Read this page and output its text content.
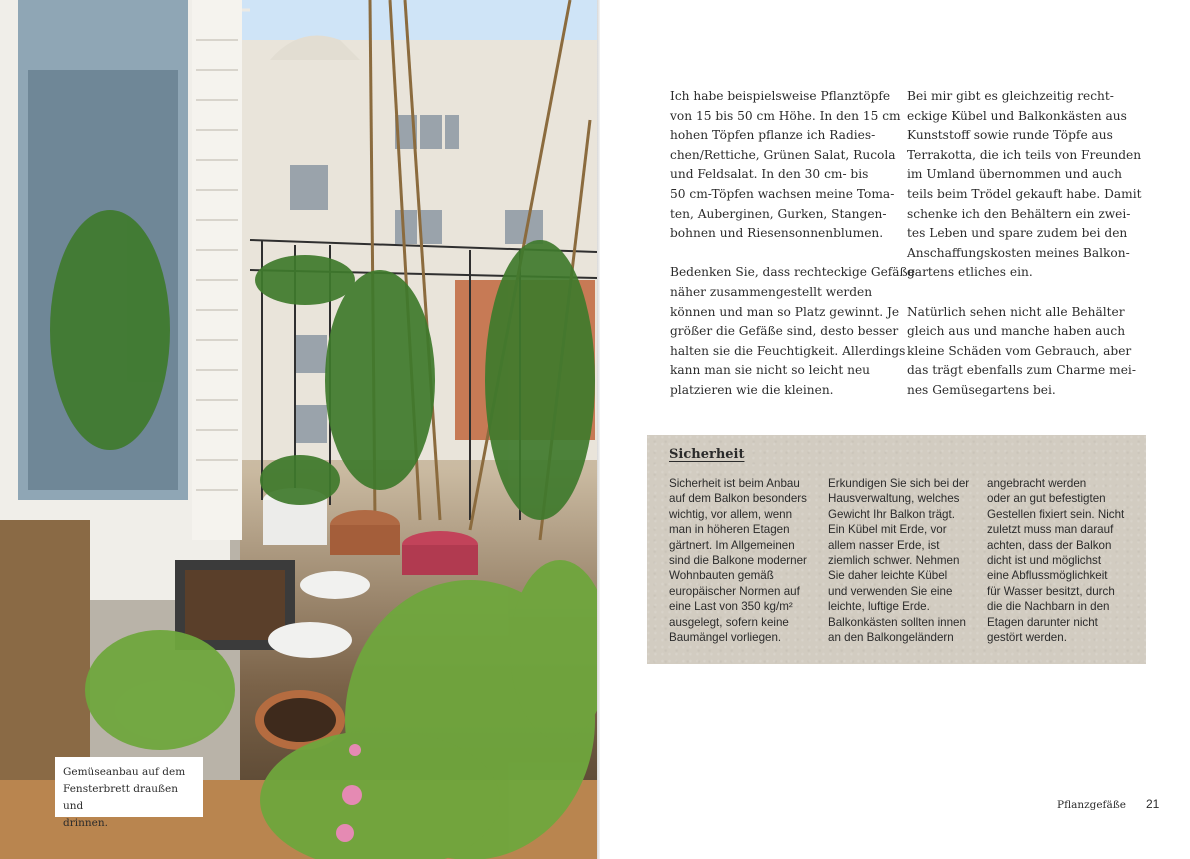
Gemüseanbau auf dem
Fensterbrett draußen und
drinnen.

Ich habe beispielsweise Pflanztöpfe
von 15 bis 50 cm Höhe. In den 15 cm
hohen Töpfen pflanze ich Radies-
chen/Rettiche, Grünen Salat, Rucola
und Feldsalat. In den 30 cm- bis
50 cm-Töpfen wachsen meine Toma-
ten, Auberginen, Gurken, Stangen-
bohnen und Riesensonnenblumen.

Bedenken Sie, dass rechteckige Gefäße
näher zusammengestellt werden
können und man so Platz gewinnt. Je
größer die Gefäße sind, desto besser
halten sie die Feuchtigkeit. Allerdings
kann man sie nicht so leicht neu
platzieren wie die kleinen.

Bei mir gibt es gleichzeitig recht-
eckige Kübel und Balkonkästen aus
Kunststoff sowie runde Töpfe aus
Terrakotta, die ich teils von Freunden
im Umland übernommen und auch
teils beim Trödel gekauft habe. Damit
schenke ich den Behältern ein zwei-
tes Leben und spare zudem bei den
Anschaffungskosten meines Balkon-
gartens etliches ein.

Natürlich sehen nicht alle Behälter
gleich aus und manche haben auch
kleine Schäden vom Gebrauch, aber
das trägt ebenfalls zum Charme mei-
nes Gemüsegartens bei.

Sicherheit
Sicherheit ist beim Anbau
auf dem Balkon besonders
wichtig, vor allem, wenn
man in höheren Etagen
gärtnert. Im Allgemeinen
sind die Balkone moderner
Wohnbauten gemäß
europäischer Normen auf
eine Last von 350 kg/m²
ausgelegt, sofern keine
Baumängel vorliegen.
Erkundigen Sie sich bei der
Hausverwaltung, welches
Gewicht Ihr Balkon trägt.
Ein Kübel mit Erde, vor
allem nasser Erde, ist
ziemlich schwer. Nehmen
Sie daher leichte Kübel
und verwenden Sie eine
leichte, luftige Erde.
Balkonkästen sollten innen
an den Balkongeländern
angebracht werden
oder an gut befestigten
Gestellen fixiert sein. Nicht
zuletzt muss man darauf
achten, dass der Balkon
dicht ist und möglichst
eine Abflussmöglichkeit
für Wasser besitzt, durch
die die Nachbarn in den
Etagen darunter nicht
gestört werden.
Pflanzgefäße 21
